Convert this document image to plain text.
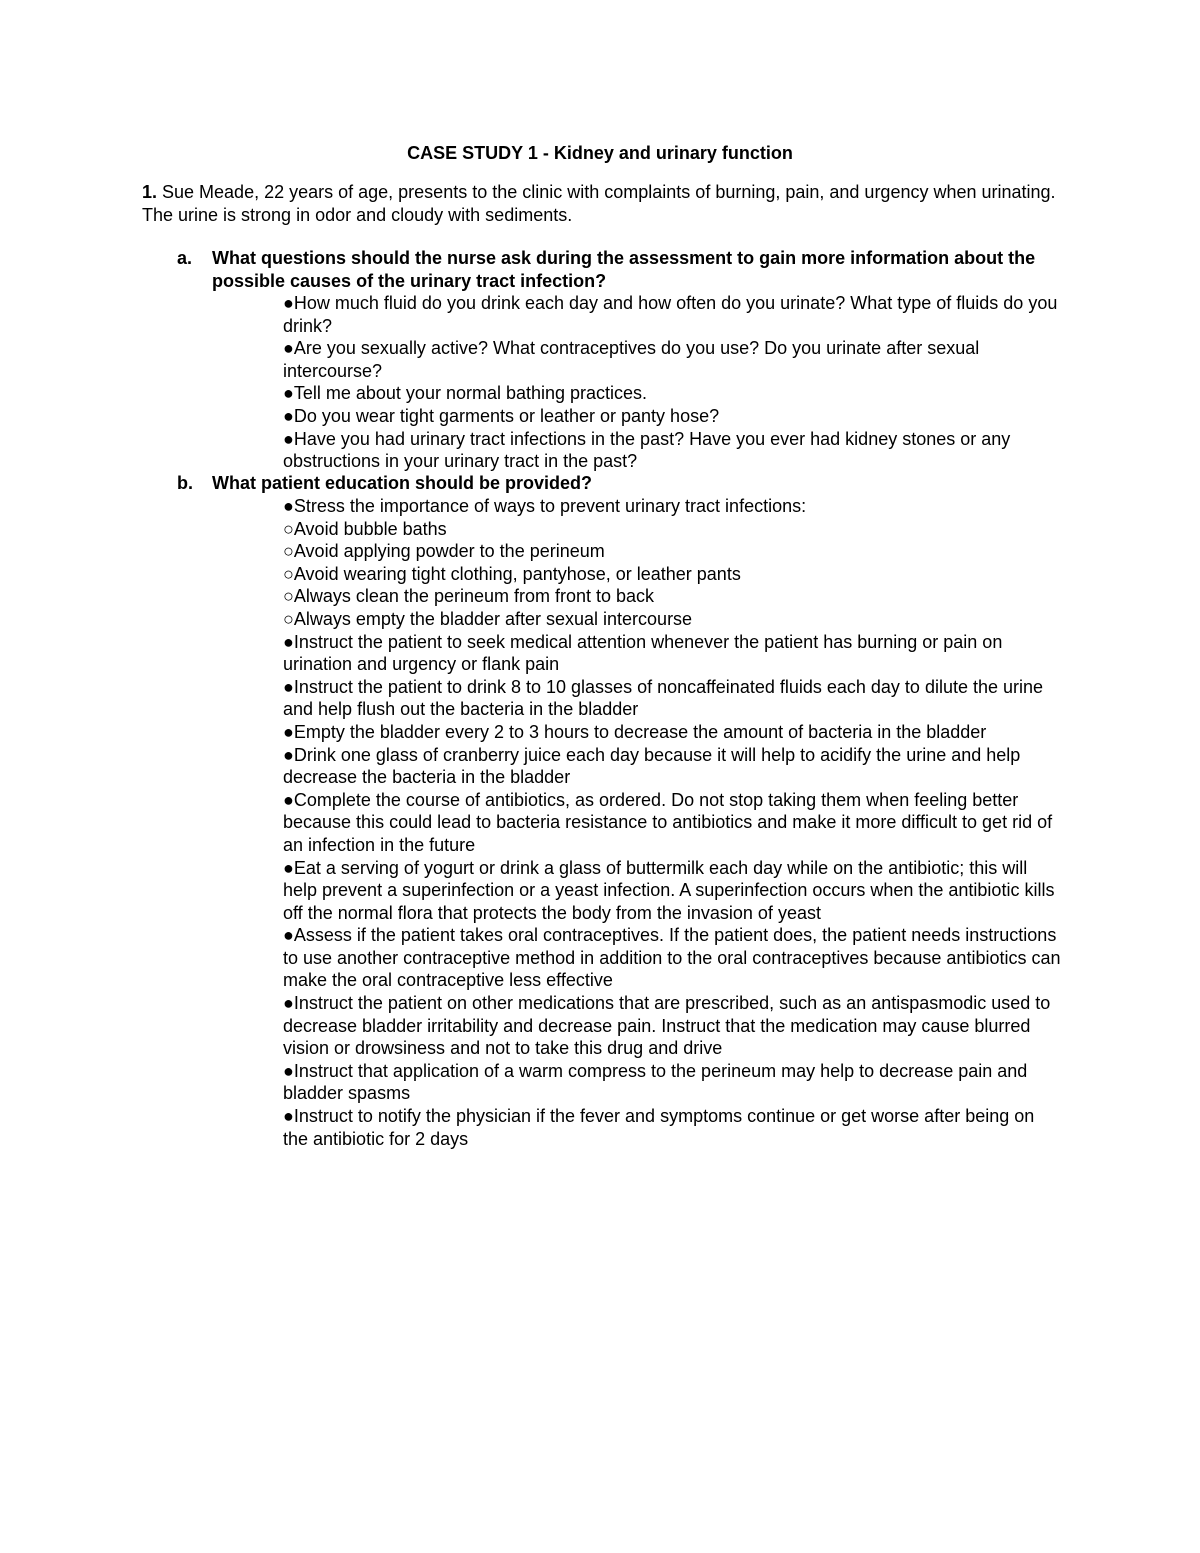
CASE STUDY 1 - Kidney and urinary function
1. Sue Meade, 22 years of age, presents to the clinic with complaints of burning, pain, and urgency when urinating. The urine is strong in odor and cloudy with sediments.
a. What questions should the nurse ask during the assessment to gain more information about the possible causes of the urinary tract infection?

●How much fluid do you drink each day and how often do you urinate? What type of fluids do you drink?

●Are you sexually active? What contraceptives do you use? Do you urinate after sexual intercourse?

●Tell me about your normal bathing practices.

●Do you wear tight garments or leather or panty hose?

●Have you had urinary tract infections in the past? Have you ever had kidney stones or any obstructions in your urinary tract in the past?

b. What patient education should be provided?

●Stress the importance of ways to prevent urinary tract infections:

○Avoid bubble baths

○Avoid applying powder to the perineum

○Avoid wearing tight clothing, pantyhose, or leather pants

○Always clean the perineum from front to back

○Always empty the bladder after sexual intercourse

●Instruct the patient to seek medical attention whenever the patient has burning or pain on urination and urgency or flank pain

●Instruct the patient to drink 8 to 10 glasses of noncaffeinated fluids each day to dilute the urine and help flush out the bacteria in the bladder

●Empty the bladder every 2 to 3 hours to decrease the amount of bacteria in the bladder

●Drink one glass of cranberry juice each day because it will help to acidify the urine and help decrease the bacteria in the bladder

●Complete the course of antibiotics, as ordered. Do not stop taking them when feeling better because this could lead to bacteria resistance to antibiotics and make it more difficult to get rid of an infection in the future

●Eat a serving of yogurt or drink a glass of buttermilk each day while on the antibiotic; this will help prevent a superinfection or a yeast infection. A superinfection occurs when the antibiotic kills off the normal flora that protects the body from the invasion of yeast

●Assess if the patient takes oral contraceptives. If the patient does, the patient needs instructions to use another contraceptive method in addition to the oral contraceptives because antibiotics can make the oral contraceptive less effective

●Instruct the patient on other medications that are prescribed, such as an antispasmodic used to decrease bladder irritability and decrease pain. Instruct that the medication may cause blurred vision or drowsiness and not to take this drug and drive

●Instruct that application of a warm compress to the perineum may help to decrease pain and bladder spasms

●Instruct to notify the physician if the fever and symptoms continue or get worse after being on the antibiotic for 2 days
